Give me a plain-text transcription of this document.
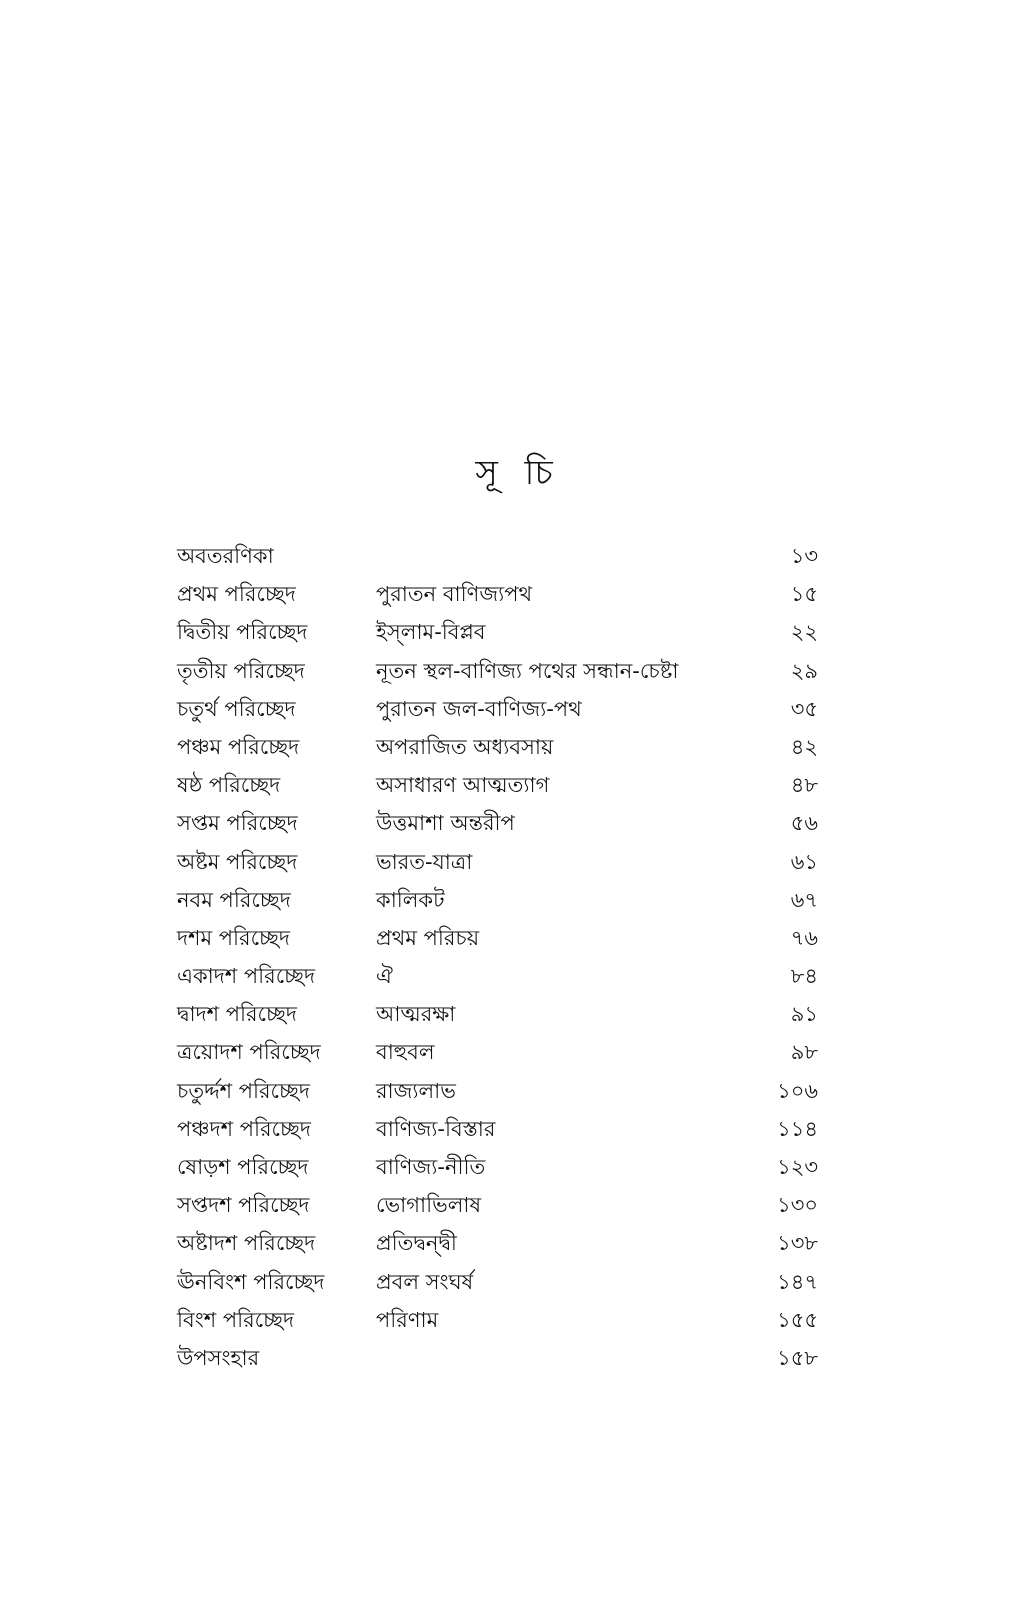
সূ চি
অবতরণিকা	১৩
প্রথম পরিচ্ছেদ	পুরাতন বাণিজ্যপথ	১৫
দ্বিতীয় পরিচ্ছেদ	ইস্‌লাম-বিপ্লব	২২
তৃতীয় পরিচ্ছেদ	নূতন স্থল-বাণিজ্য পথের সন্ধান-চেষ্টা	২৯
চতুর্থ পরিচ্ছেদ	পুরাতন জল-বাণিজ্য-পথ	৩৫
পঞ্চম পরিচ্ছেদ	অপরাজিত অধ্যবসায়	৪২
ষষ্ঠ পরিচ্ছেদ	অসাধারণ আত্মত্যাগ	৪৮
সপ্তম পরিচ্ছেদ	উত্তমাশা অন্তরীপ	৫৬
অষ্টম পরিচ্ছেদ	ভারত-যাত্রা	৬১
নবম পরিচ্ছেদ	কালিকট	৬৭
দশম পরিচ্ছেদ	প্রথম পরিচয়	৭৬
একাদশ পরিচ্ছেদ	ঐ	৮৪
দ্বাদশ পরিচ্ছেদ	আত্মরক্ষা	৯১
ত্রয়োদশ পরিচ্ছেদ	বাহুবল	৯৮
চতুর্দ্দশ পরিচ্ছেদ	রাজ্যলাভ	১০৬
পঞ্চদশ পরিচ্ছেদ	বাণিজ্য-বিস্তার	১১৪
ষোড়শ পরিচ্ছেদ	বাণিজ্য-নীতি	১২৩
সপ্তদশ পরিচ্ছেদ	ভোগাভিলাষ	১৩০
অষ্টাদশ পরিচ্ছেদ	প্রতিদ্বন্দ্বী	১৩৮
ঊনবিংশ পরিচ্ছেদ প্রবল সংঘর্ষ	১৪৭
বিংশ পরিচ্ছেদ	পরিণাম	১৫৫
উপসংহার	১৫৮
